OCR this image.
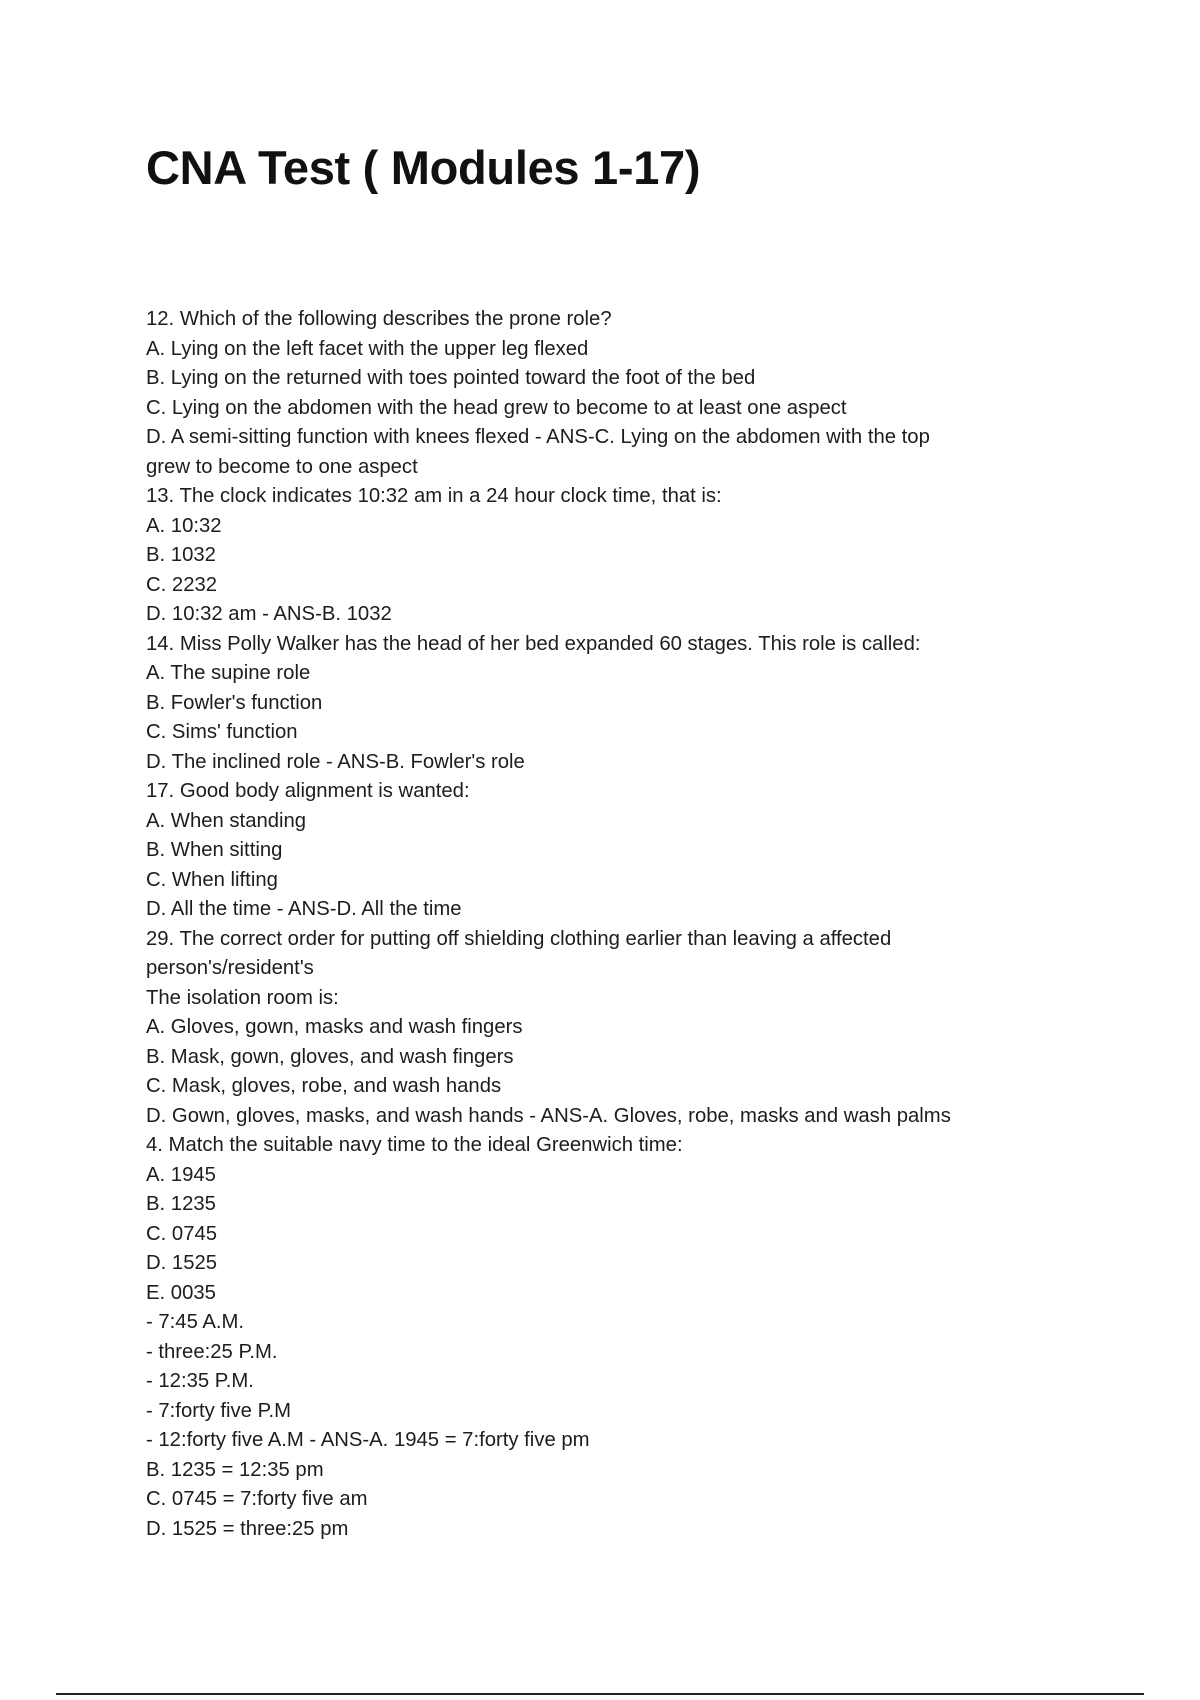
CNA Test ( Modules 1-17)
12. Which of the following describes the prone role?
A. Lying on the left facet with the upper leg flexed
B. Lying on the returned with toes pointed toward the foot of the bed
C. Lying on the abdomen with the head grew to become to at least one aspect
D. A semi-sitting function with knees flexed - ANS-C. Lying on the abdomen with the top
grew to become to one aspect
13. The clock indicates 10:32 am in a 24 hour clock time, that is:
A. 10:32
B. 1032
C. 2232
D. 10:32 am - ANS-B. 1032
14. Miss Polly Walker has the head of her bed expanded 60 stages. This role is called:
A. The supine role
B. Fowler's function
C. Sims' function
D. The inclined role - ANS-B. Fowler's role
17. Good body alignment is wanted:
A. When standing
B. When sitting
C. When lifting
D. All the time - ANS-D. All the time
29. The correct order for putting off shielding clothing earlier than leaving a affected
person's/resident's
The isolation room is:
A. Gloves, gown, masks and wash fingers
B. Mask, gown, gloves, and wash fingers
C. Mask, gloves, robe, and wash hands
D. Gown, gloves, masks, and wash hands - ANS-A. Gloves, robe, masks and wash palms
4. Match the suitable navy time to the ideal Greenwich time:
A. 1945
B. 1235
C. 0745
D. 1525
E. 0035
- 7:45 A.M.
- three:25 P.M.
- 12:35 P.M.
- 7:forty five P.M
- 12:forty five A.M - ANS-A. 1945 = 7:forty five pm
B. 1235 = 12:35 pm
C. 0745 = 7:forty five am
D. 1525 = three:25 pm
